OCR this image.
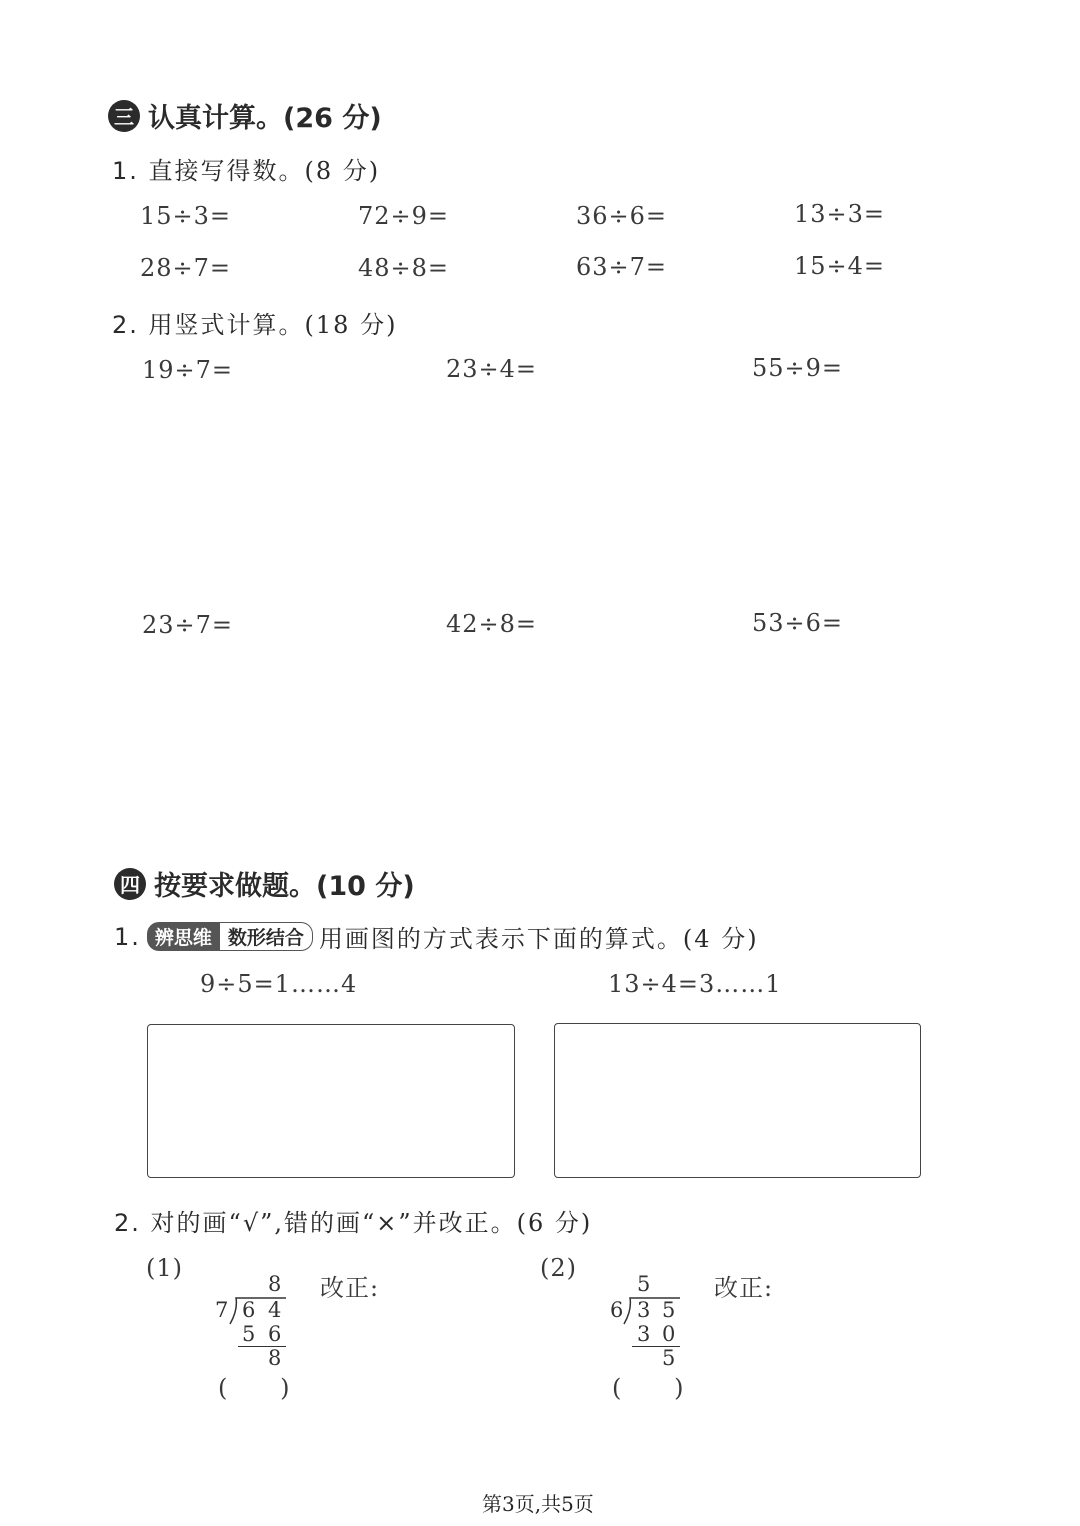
三 认真计算。(26 分)
1. 直接写得数。(8 分)
15÷3=	72÷9=	36÷6=	13÷3=
28÷7=	48÷8=	63÷7=	15÷4=
2. 用竖式计算。(18 分)
19÷7=	23÷4=	55÷9=
23÷7=	42÷8=	53÷6=
四 按要求做题。(10 分)
1. 辨思维 数形结合 用画图的方式表示下面的算式。(4 分)
9÷5=1……4	13÷4=3……1
2. 对的画“√”,错的画“×”并改正。(6 分)
(1)
8
7 6 4
5 6
8
(      )
改正:
(2)
5
6 3 5
3 0
5
(      )
改正:
第3页,共5页
